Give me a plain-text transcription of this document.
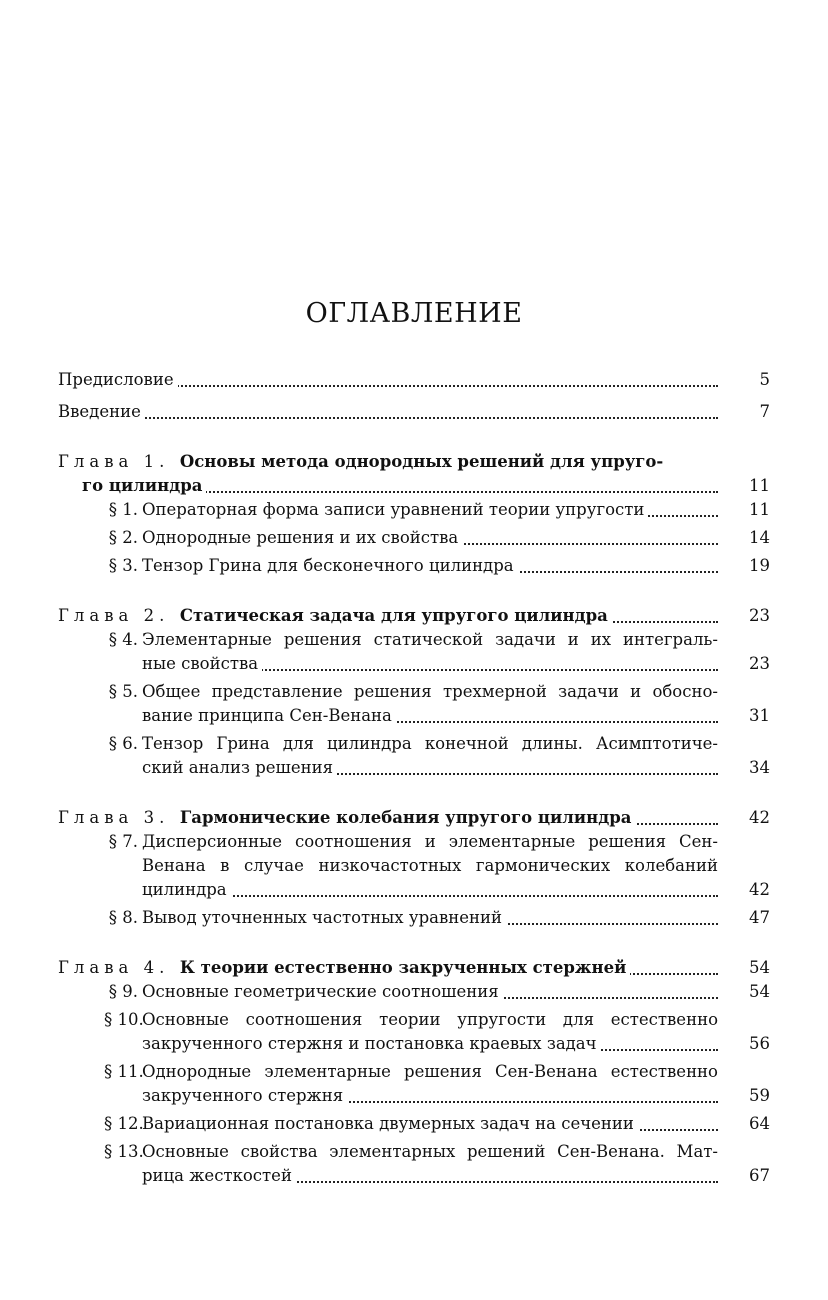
ОГЛАВЛЕНИЕ
Предисловие	5
Введение	7
Глава 1. Основы метода однородных решений для упруго-
го цилиндра	11
§ 1. Операторная форма записи уравнений теории упругости	11
§ 2. Однородные решения и их свойства	14
§ 3. Тензор Грина для бесконечного цилиндра	19
Глава 2. Статическая задача для упругого цилиндра	23
§ 4. Элементарные решения статической задачи и их интеграль-
ные свойства	23
§ 5. Общее представление решения трехмерной задачи и обосно-
вание принципа Сен-Венана	31
§ 6. Тензор Грина для цилиндра конечной длины. Асимптотиче-
ский анализ решения	34
Глава 3. Гармонические колебания упругого цилиндра	42
§ 7. Дисперсионные соотношения и элементарные решения Сен-
Венана в случае низкочастотных гармонических колебаний
цилиндра	42
§ 8. Вывод уточненных частотных уравнений	47
Глава 4. К теории естественно закрученных стержней	54
§ 9. Основные геометрические соотношения	54
§ 10.
Основные соотношения теории упругости для естественно
закрученного стержня и постановка краевых задач	56
§ 11.
Однородные элементарные решения Сен-Венана естественно
закрученного стержня	59
§ 12.Вариационная постановка двумерных задач на сечении	64
§ 13.
Основные свойства элементарных решений Сен-Венана. Мат-
рица жесткостей	67
